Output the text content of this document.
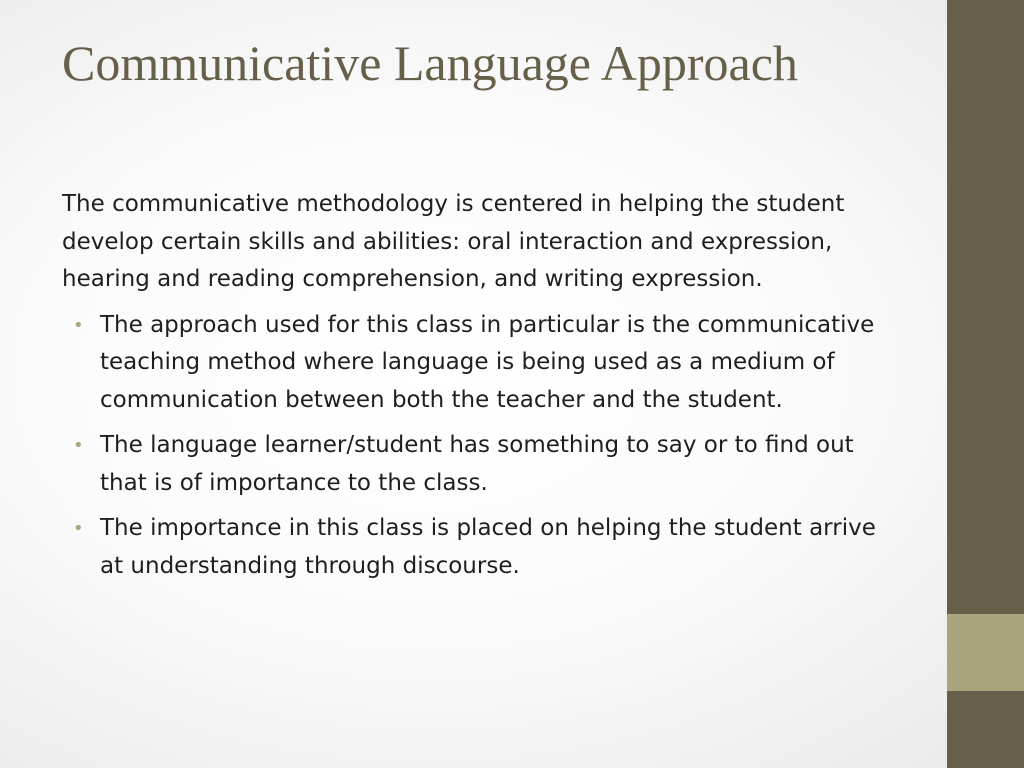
Communicative Language Approach

The communicative methodology is centered in helping the student develop certain skills and abilities: oral interaction and expression, hearing and reading comprehension, and writing expression.

• The approach used for this class in particular is the communicative teaching method where language is being used as a medium of communication between both the teacher and the student.
• The language learner/student has something to say or to find out that is of importance to the class.
• The importance in this class is placed on helping the student arrive at understanding through discourse.
